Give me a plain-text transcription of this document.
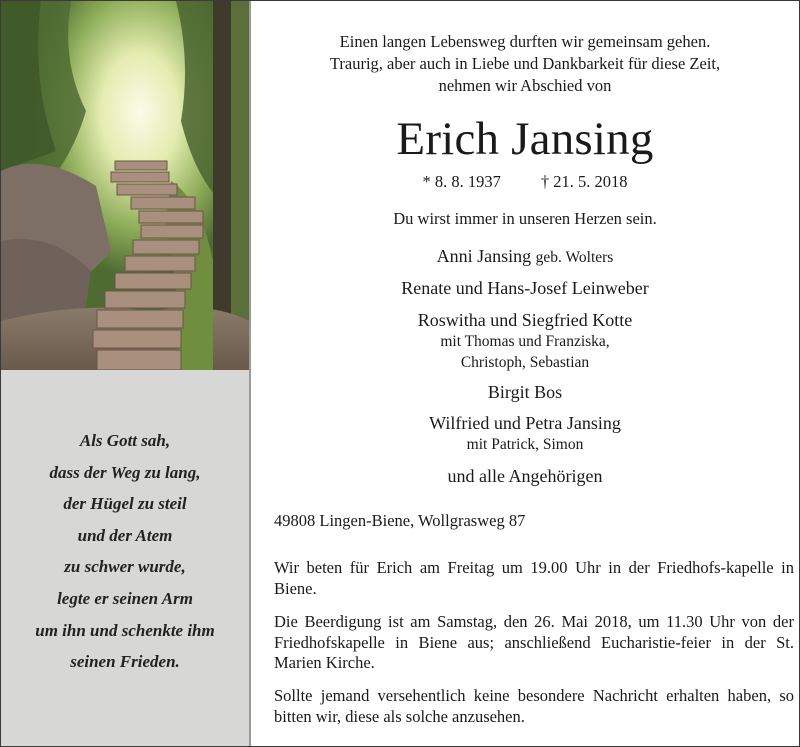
Als Gott sah,
dass der Weg zu lang,
der Hügel zu steil
und der Atem
zu schwer wurde,
legte er seinen Arm
um ihn und schenkte ihm
seinen Frieden.
Einen langen Lebensweg durften wir gemeinsam gehen.
Traurig, aber auch in Liebe und Dankbarkeit für diese Zeit,
nehmen wir Abschied von
Erich Jansing
* 8. 8. 1937 † 21. 5. 2018
Du wirst immer in unseren Herzen sein.
Anni Jansing geb. Wolters
Renate und Hans-Josef Leinweber
Roswitha und Siegfried Kotte
mit Thomas und Franziska,
Christoph, Sebastian
Birgit Bos
Wilfried und Petra Jansing
mit Patrick, Simon
und alle Angehörigen
49808 Lingen-Biene, Wollgrasweg 87
Wir beten für Erich am Freitag um 19.00 Uhr in der Friedhofs-kapelle in Biene.
Die Beerdigung ist am Samstag, den 26. Mai 2018, um 11.30 Uhr von der Friedhofskapelle in Biene aus; anschließend Eucharistie-feier in der St. Marien Kirche.
Sollte jemand versehentlich keine besondere Nachricht erhalten haben, so bitten wir, diese als solche anzusehen.
